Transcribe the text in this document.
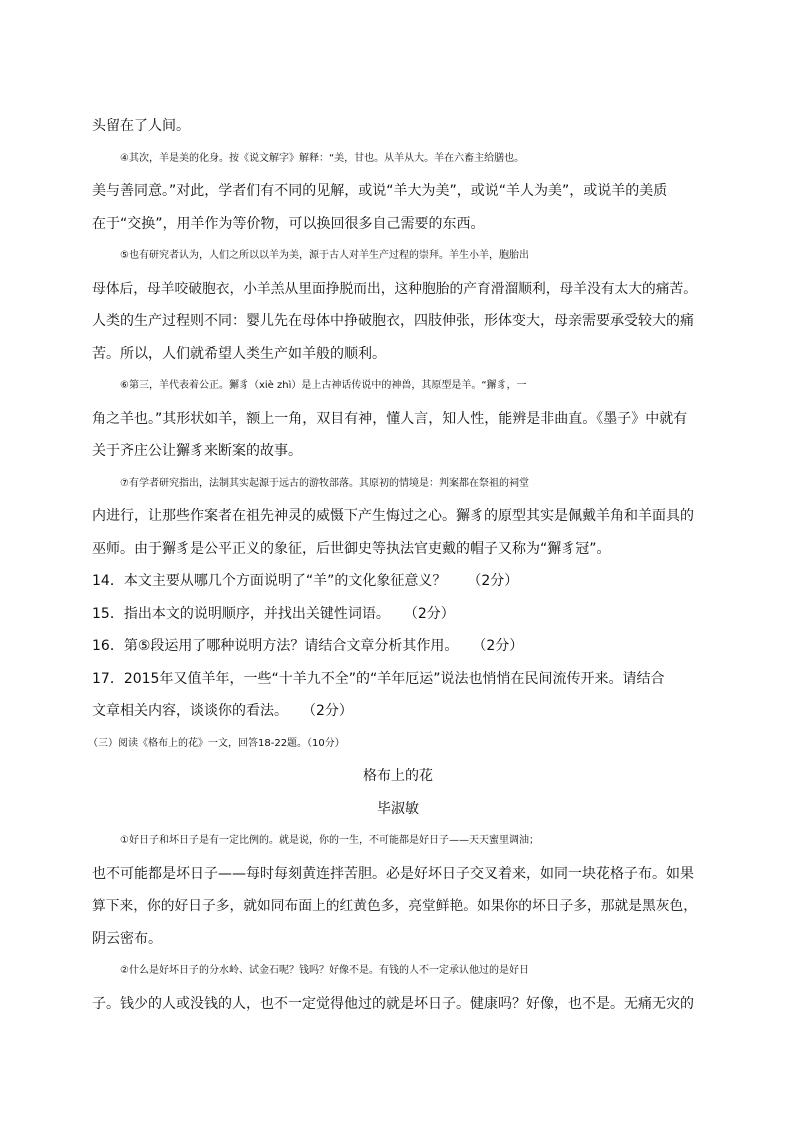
头留在了人间。

④其次，羊是美的化身。按《说文解字》解释：“美，甘也。从羊从大。羊在六畜主给膳也。

美与善同意。”对此，学者们有不同的见解，或说“羊大为美”，或说“羊人为美”，或说羊的美质

在于“交换”，用羊作为等价物，可以换回很多自己需要的东西。

⑤也有研究者认为，人们之所以以羊为美，源于古人对羊生产过程的崇拜。羊生小羊，胞胎出

母体后，母羊咬破胞衣，小羊羔从里面挣脱而出，这种胞胎的产育滑溜顺利，母羊没有太大的痛苦。

人类的生产过程则不同：婴儿先在母体中挣破胞衣，四肢伸张，形体变大，母亲需要承受较大的痛

苦。所以，人们就希望人类生产如羊般的顺利。

⑥第三，羊代表着公正。獬豸（xiè zhì）是上古神话传说中的神兽，其原型是羊。“獬豸，一

角之羊也。”其形状如羊，额上一角，双目有神，懂人言，知人性，能辨是非曲直。《墨子》中就有

关于齐庄公让獬豸来断案的故事。

⑦有学者研究指出，法制其实起源于远古的游牧部落。其原初的情境是：判案都在祭祖的祠堂

内进行，让那些作案者在祖先神灵的威慑下产生悔过之心。獬豸的原型其实是佩戴羊角和羊面具的

巫师。由于獬豸是公平正义的象征，后世御史等执法官吏戴的帽子又称为“獬豸冠”。

14．本文主要从哪几个方面说明了“羊”的文化象征意义？　　（2分）

15．指出本文的说明顺序，并找出关键性词语。　　（2分）

16．第⑤段运用了哪种说明方法？请结合文章分析其作用。　　（2分）

17．2015年又值羊年，一些“十羊九不全”的“羊年厄运”说法也悄悄在民间流传开来。请结合

文章相关内容，谈谈你的看法。　　（2分）

（三）阅读《格布上的花》一文，回答18-22题。（10分）

格布上的花

毕淑敏

①好日子和坏日子是有一定比例的。就是说，你的一生，不可能都是好日子——天天蜜里调油；

也不可能都是坏日子——每时每刻黄连拌苦胆。必是好坏日子交叉着来，如同一块花格子布。如果

算下来，你的好日子多，就如同布面上的红黄色多，亮堂鲜艳。如果你的坏日子多，那就是黑灰色，

阴云密布。

②什么是好坏日子的分水岭、试金石呢？钱吗？好像不是。有钱的人不一定承认他过的是好日

子。钱少的人或没钱的人，也不一定觉得他过的就是坏日子。健康吗？好像，也不是。无痛无灾的
